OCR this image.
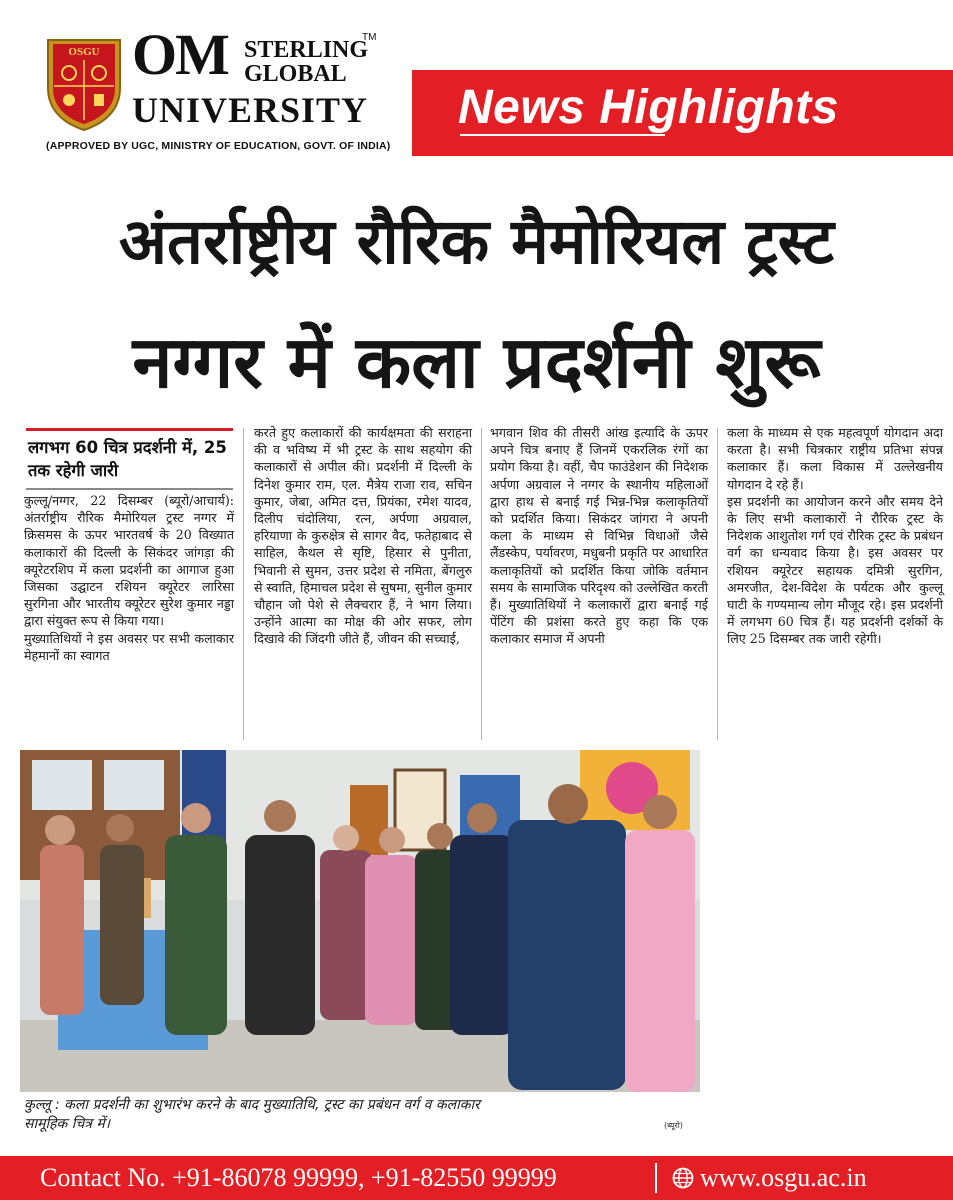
OSGU OM STERLING
TM
GLOBAL
UNIVERSITY
(APPROVED BY UGC, MINISTRY OF EDUCATION, GOVT. OF INDIA)
News Highlights
अंतर्राष्ट्रीय रौरिक मैमोरियल ट्रस्ट
नग्गर में कला प्रदर्शनी शुरू
लगभग 60 चित्र प्रदर्शनी में, 25 तक रहेगी जारी
कुल्लू/नग्गर, 22 दिसम्बर (ब्यूरो/आचार्य): अंतर्राष्ट्रीय रौरिक मैमोरियल ट्रस्ट नग्गर में क्रिसमस के ऊपर भारतवर्ष के 20 विख्यात कलाकारों की दिल्ली के सिकंदर जांगड़ा की क्यूरेटरशिप में कला प्रदर्शनी का आगाज हुआ जिसका उद्घाटन रशियन क्यूरेटर लारिसा सुरगिना और भारतीय क्यूरेटर सुरेश कुमार नड्डा द्वारा संयुक्त रूप से किया गया।
मुख्यातिथियों ने इस अवसर पर सभी कलाकार मेहमानों का स्वागत
करते हुए कलाकारों की कार्यक्षमता की सराहना की व भविष्य में भी ट्रस्ट के साथ सहयोग की कलाकारों से अपील की। प्रदर्शनी में दिल्ली के दिनेश कुमार राम, एल. मैत्रेय राजा राव, सचिन कुमार, जेबा, अमित दत्त, प्रियंका, रमेश यादव, दिलीप चंदोलिया, रत्न, अर्पणा अग्रवाल, हरियाणा के कुरुक्षेत्र से सागर वैद, फतेहाबाद से साहिल, कैथल से सृष्टि, हिसार से पुनीता, भिवानी से सुमन, उत्तर प्रदेश से नमिता, बेंगलुरु से स्वाति, हिमाचल प्रदेश से सुषमा, सुनील कुमार चौहान जो पेशे से लैक्चरार हैं, ने भाग लिया। उन्होंने आत्मा का मोक्ष की ओर सफर, लोग दिखावे की जिंदगी जीते हैं, जीवन की सच्चाई,
भगवान शिव की तीसरी आंख इत्यादि के ऊपर अपने चित्र बनाए हैं जिनमें एकरलिक रंगों का प्रयोग किया है। वहीं, चैप फाउंडेशन की निदेशक अर्पणा अग्रवाल ने नग्गर के स्थानीय महिलाओं द्वारा हाथ से बनाई गई भिन्न-भिन्न कलाकृतियों को प्रदर्शित किया। सिकंदर जांगरा ने अपनी कला के माध्यम से विभिन्न विधाओं जैसे लैंडस्केप, पर्यावरण, मधुबनी प्रकृति पर आधारित कलाकृतियों को प्रदर्शित किया जोकि वर्तमान समय के सामाजिक परिदृश्य को उल्लेखित करती हैं। मुख्यातिथियों ने कलाकारों द्वारा बनाई गई पेंटिंग की प्रशंसा करते हुए कहा कि एक कलाकार समाज में अपनी
कला के माध्यम से एक महत्वपूर्ण योगदान अदा करता है। सभी चित्रकार राष्ट्रीय प्रतिभा संपन्न कलाकार हैं। कला विकास में उल्लेखनीय योगदान दे रहे हैं।
इस प्रदर्शनी का आयोजन करने और समय देने के लिए सभी कलाकारों ने रौरिक ट्रस्ट के निदेशक आशुतोश गर्ग एवं रौरिक ट्रस्ट के प्रबंधन वर्ग का धन्यवाद किया है। इस अवसर पर रशियन क्यूरेटर सहायक दमित्री सुरगिन, अमरजीत, देश-विदेश के पर्यटक और कुल्लू घाटी के गण्यमान्य लोग मौजूद रहे। इस प्रदर्शनी में लगभग 60 चित्र हैं। यह प्रदर्शनी दर्शकों के लिए 25 दिसम्बर तक जारी रहेगी।
कुल्लू : कला प्रदर्शनी का शुभारंभ करने के बाद मुख्यातिथि, ट्रस्ट का प्रबंधन वर्ग व कलाकार
सामूहिक चित्र में।	(ब्यूरो)
Contact No. +91-86078 99999, +91-82550 99999	www.osgu.ac.in
